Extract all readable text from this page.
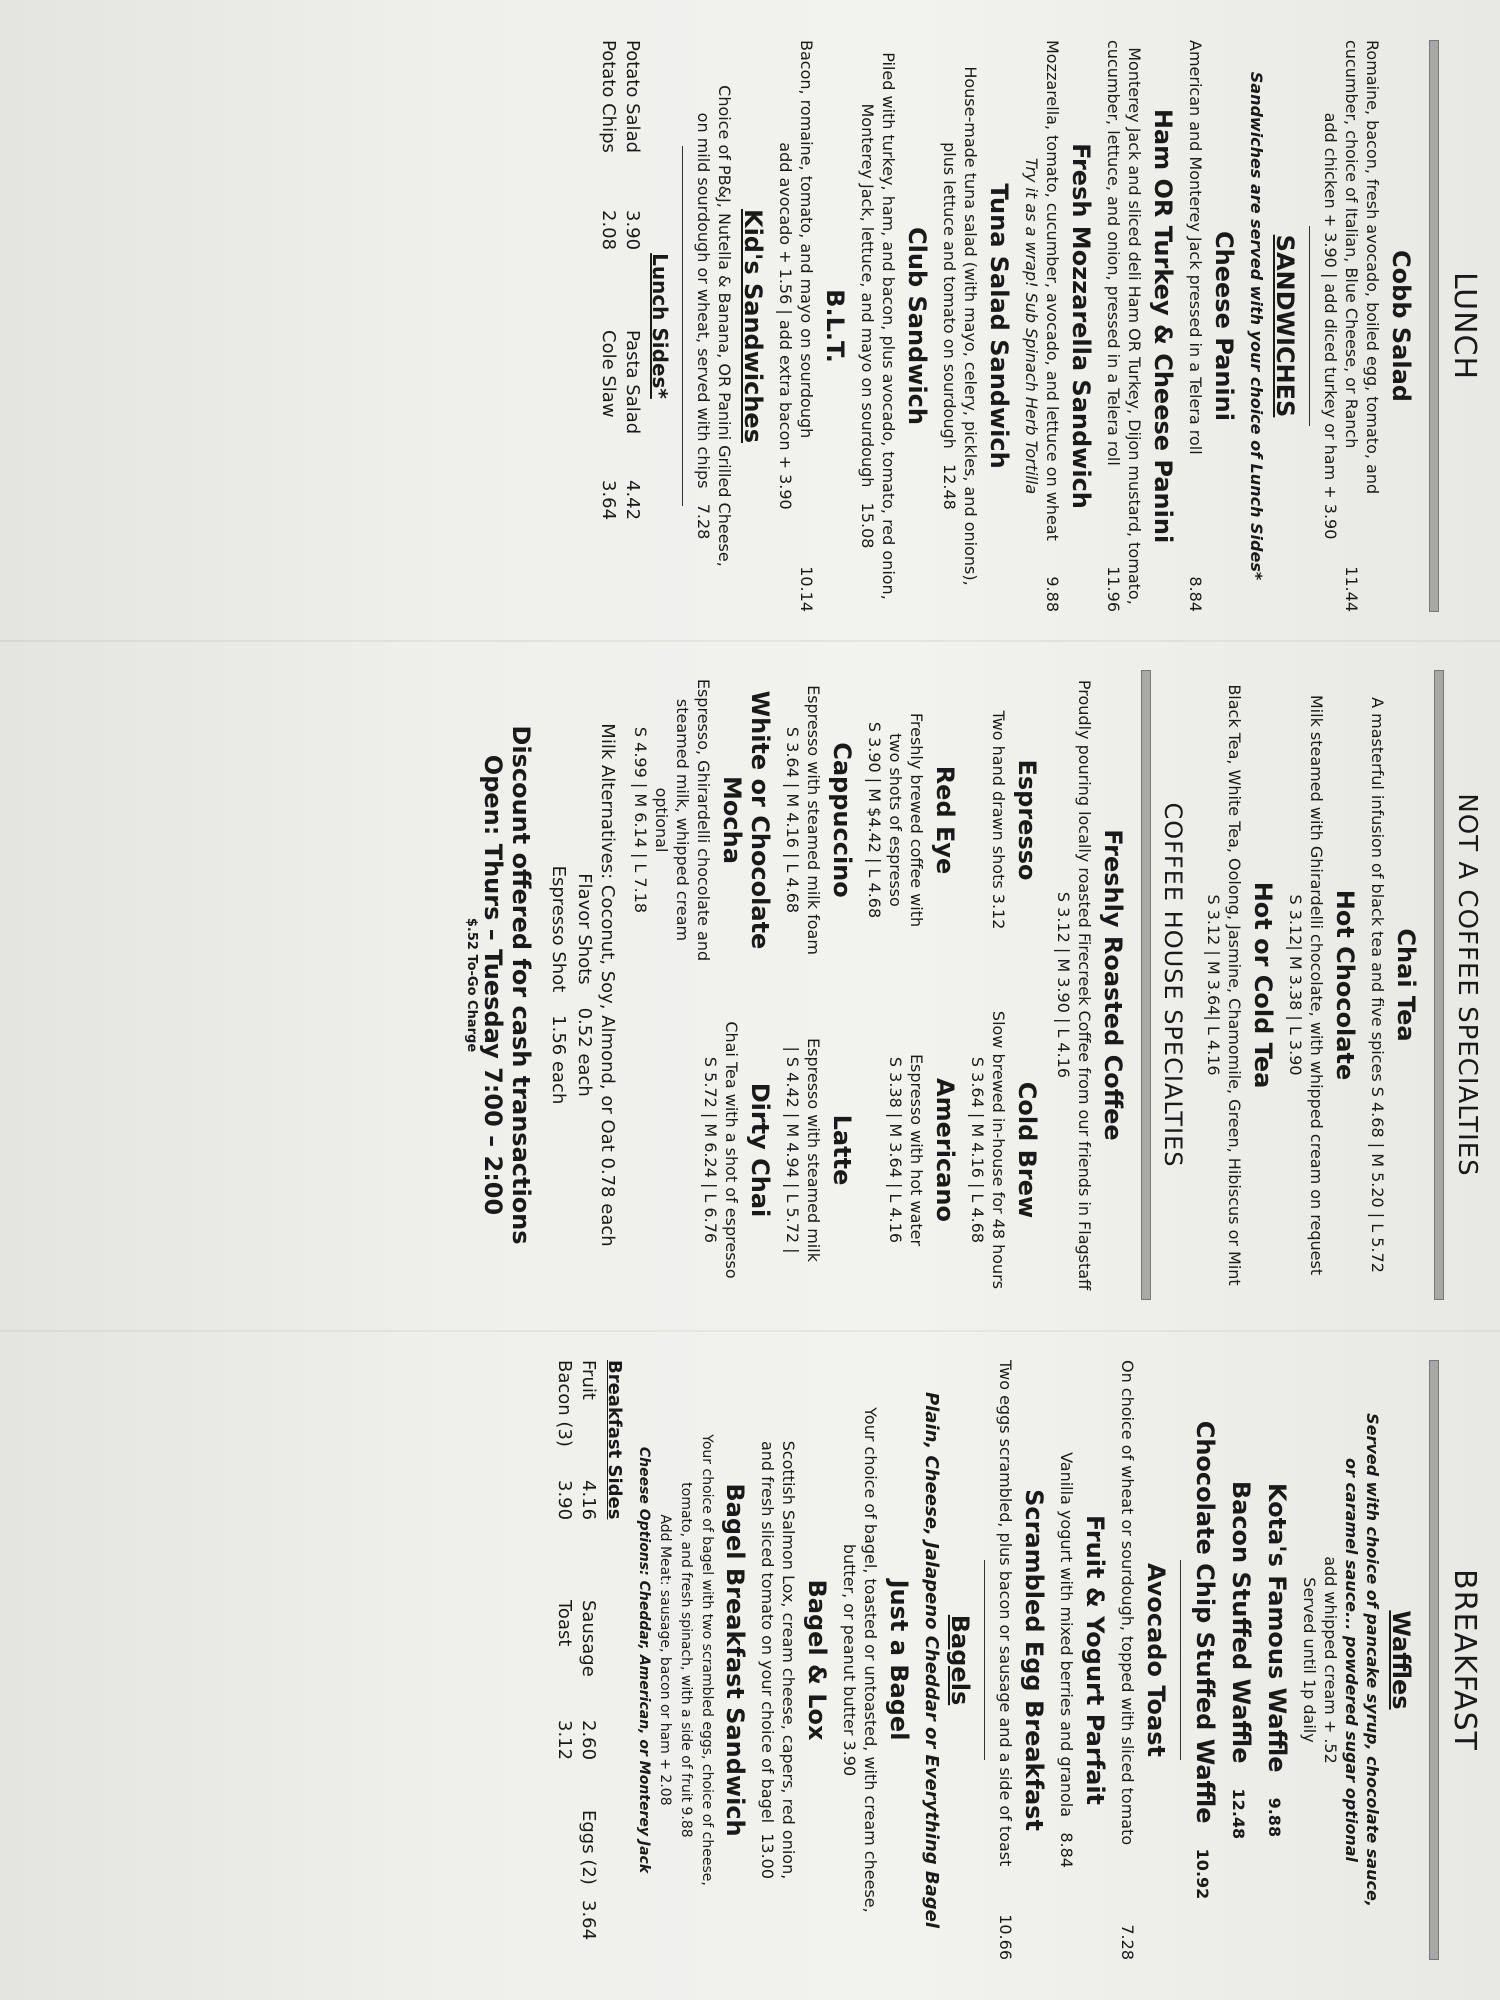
LUNCH
Cobb Salad
Romaine, bacon, fresh avocado, boiled egg, tomato, and
cucumber, choice of Italian, Blue Cheese, or Ranch
11.44
add chicken + 3.90 | add diced turkey or ham + 3.90
SANDWICHES
Sandwiches are served with your choice of Lunch Sides*
Cheese Panini
American and Monterey Jack pressed in a Telera roll
8.84
Ham OR Turkey & Cheese Panini
Monterey Jack and sliced deli Ham OR Turkey, Dijon mustard, tomato,
cucumber, lettuce, and onion, pressed in a Telera roll
11.96
Fresh Mozzarella Sandwich
Mozzarella, tomato, cucumber, avocado, and lettuce on wheat
9.88
Try it as a wrap! Sub Spinach Herb Tortilla
Tuna Salad Sandwich
House-made tuna salad (with mayo, celery, pickles, and onions),
plus lettuce and tomato on sourdough   12.48
Club Sandwich
Piled with turkey, ham, and bacon, plus avocado, tomato, red onion,
Monterey Jack, lettuce, and mayo on sourdough   15.08
B.L.T.
Bacon, romaine, tomato, and mayo on sourdough
10.14
add avocado + 1.56 | add extra bacon + 3.90
Kid's Sandwiches
Choice of PB&J, Nutella & Banana, OR Panini Grilled Cheese,
on mild sourdough or wheat, served with chips   7.28
Lunch Sides*
Potato Salad
3.90
Pasta Salad
4.42
Potato Chips
2.08
Cole Slaw
3.64
NOT A COFFEE SPECIALTIES
Chai Tea
A masterful infusion of black tea and five spices S 4.68 | M 5.20 | L 5.72
Hot Chocolate
Milk steamed with Ghirardelli chocolate, with whipped cream on request
S 3.12| M 3.38 | L 3.90
Hot or Cold Tea
Black Tea, White Tea, Oolong, Jasmine, Chamomile, Green, Hibiscus or Mint
S 3.12 | M 3.64| L 4.16
COFFEE HOUSE SPECIALTIES
Freshly Roasted Coffee
Proudly pouring locally roasted Firecreek Coffee from our friends in Flagstaff
S 3.12 | M 3.90 | L 4.16
Espresso
Two hand drawn shots 3.12
Cold Brew
Slow brewed in-house for 48 hours
S 3.64 | M 4.16 | L 4.68
Red Eye
Freshly brewed coffee with
two shots of espresso
S 3.90 | M $4.42 | L 4.68
Americano
Espresso with hot water
S 3.38 | M 3.64 | L 4.16
Cappuccino
Espresso with steamed milk foam
S 3.64 | M 4.16 | L 4.68
Latte
Espresso with steamed milk
| S 4.42 | M 4.94 | L 5.72 |
White or Chocolate Mocha
Espresso, Ghirardelli chocolate and
steamed milk, whipped cream optional
S 4.99 | M 6.14 | L 7.18
Dirty Chai
Chai Tea with a shot of espresso
S 5.72 | M 6.24 | L 6.76
Milk Alternatives: Coconut, Soy, Almond, or Oat 0.78 each
Flavor Shots    0.52 each
Espresso Shot    1.56 each
Discount offered for cash transactions
Open: Thurs – Tuesday 7:00 – 2:00
$.52 To-Go Charge
BREAKFAST
Waffles
Served with choice of pancake syrup, chocolate sauce,
or caramel sauce... powdered sugar optional
add whipped cream + .52
Served until 1p daily
Kota's Famous Waffle   9.88
Bacon Stuffed Waffle   12.48
Chocolate Chip Stuffed Waffle   10.92
Avocado Toast
On choice of wheat or sourdough, topped with sliced tomato
7.28
Fruit & Yogurt Parfait
Vanilla yogurt with mixed berries and granola   8.84
Scrambled Egg Breakfast
Two eggs scrambled, plus bacon or sausage and a side of toast
10.66
Bagels
Plain, Cheese, Jalapeno Cheddar or Everything Bagel
Just a Bagel
Your choice of bagel, toasted or untoasted, with cream cheese,
butter, or peanut butter 3.90
Bagel & Lox
Scottish Salmon Lox, cream cheese, capers, red onion,
and fresh sliced tomato on your choice of bagel  13.00
Bagel Breakfast Sandwich
Your choice of bagel with two scrambled eggs, choice of cheese,
tomato, and fresh spinach, with a side of fruit 9.88
Add Meat: sausage, bacon or ham + 2.08
Cheese Options: Cheddar, American, or Monterey Jack
Breakfast Sides
Fruit
4.16
Sausage
2.60
Eggs (2)
3.64
Bacon (3)
3.90
Toast
3.12
